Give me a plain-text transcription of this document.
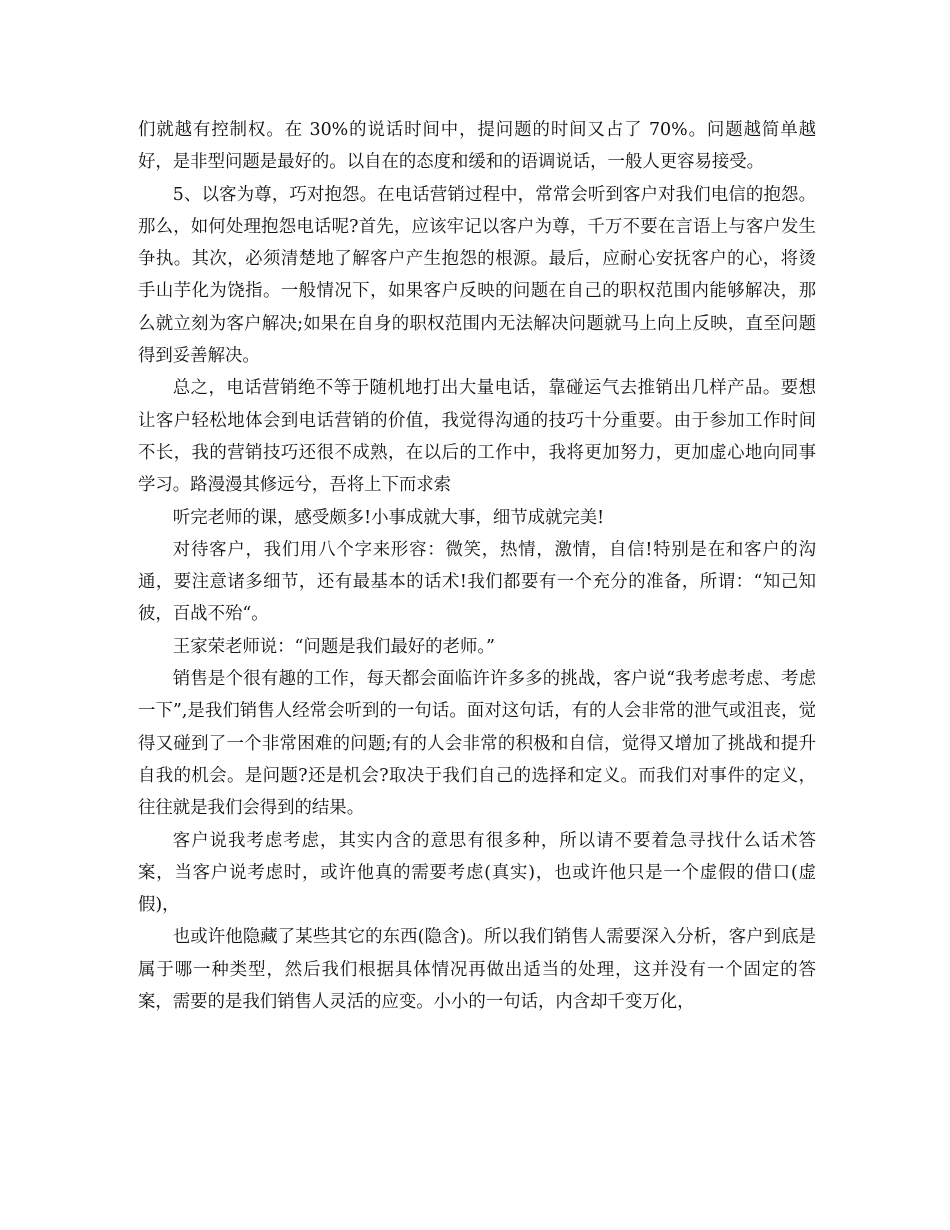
们就越有控制权。在 30%的说话时间中，提问题的时间又占了 70%。问题越简单越好，是非型问题是最好的。以自在的态度和缓和的语调说话，一般人更容易接受。

5、以客为尊，巧对抱怨。在电话营销过程中，常常会听到客户对我们电信的抱怨。那么，如何处理抱怨电话呢?首先，应该牢记以客户为尊，千万不要在言语上与客户发生争执。其次，必须清楚地了解客户产生抱怨的根源。最后，应耐心安抚客户的心，将烫手山芋化为饶指。一般情况下，如果客户反映的问题在自己的职权范围内能够解决，那么就立刻为客户解决;如果在自身的职权范围内无法解决问题就马上向上反映，直至问题得到妥善解决。

总之，电话营销绝不等于随机地打出大量电话，靠碰运气去推销出几样产品。要想让客户轻松地体会到电话营销的价值，我觉得沟通的技巧十分重要。由于参加工作时间不长，我的营销技巧还很不成熟，在以后的工作中，我将更加努力，更加虚心地向同事学习。路漫漫其修远兮，吾将上下而求索

听完老师的课，感受颇多!小事成就大事，细节成就完美!

对待客户，我们用八个字来形容：微笑，热情，激情，自信!特别是在和客户的沟通，要注意诸多细节，还有最基本的话术!我们都要有一个充分的准备，所谓：“知己知彼，百战不殆“。

王家荣老师说：“问题是我们最好的老师。”

销售是个很有趣的工作，每天都会面临许许多多的挑战，客户说“我考虑考虑、考虑一下”,是我们销售人经常会听到的一句话。面对这句话，有的人会非常的泄气或沮丧，觉得又碰到了一个非常困难的问题;有的人会非常的积极和自信，觉得又增加了挑战和提升自我的机会。是问题?还是机会?取决于我们自己的选择和定义。而我们对事件的定义，往往就是我们会得到的结果。

客户说我考虑考虑，其实内含的意思有很多种，所以请不要着急寻找什么话术答案，当客户说考虑时，或许他真的需要考虑(真实)，也或许他只是一个虚假的借口(虚假)，

也或许他隐藏了某些其它的东西(隐含)。所以我们销售人需要深入分析，客户到底是属于哪一种类型，然后我们根据具体情况再做出适当的处理，这并没有一个固定的答案，需要的是我们销售人灵活的应变。小小的一句话，内含却千变万化，
